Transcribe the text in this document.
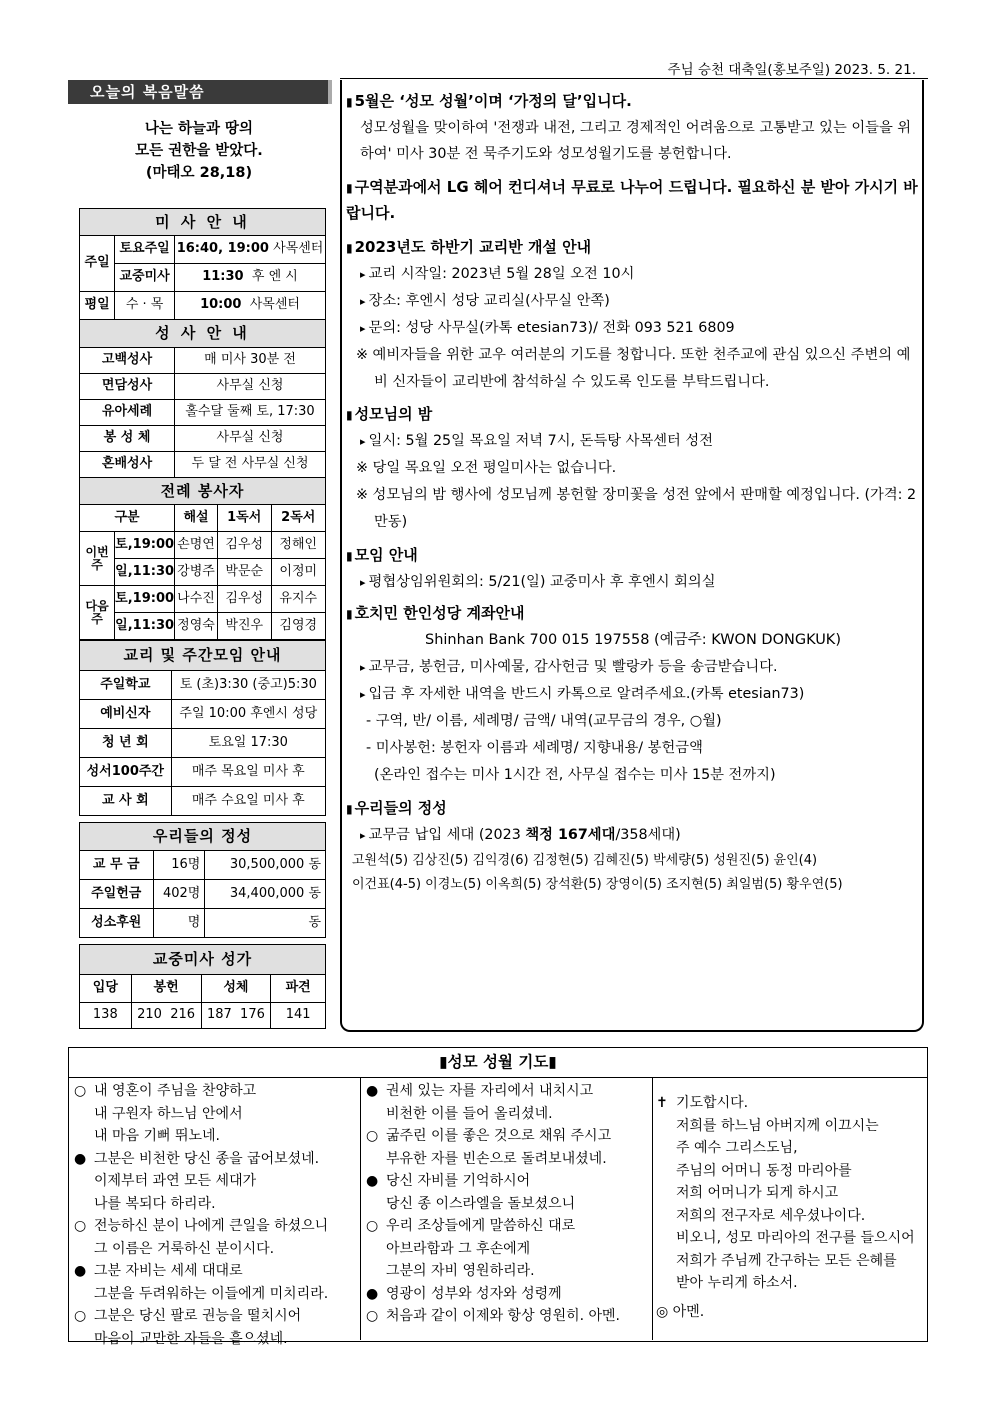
주님 승천 대축일(홍보주일) 2023. 5. 21.
오늘의 복음말씀
나는 하늘과 땅의
모든 권한을 받았다.
(마태오 28,18)
미 사 안 내				
주일	토요주일	16:40, 19:00 사목센터		
	교중미사	11:30 후 엔 시		
평일	수 · 목	10:00 사목센터		
성 사 안 내				
고백성사		매 미사 30분 전		
면담성사		사무실 신청		
유아세례		홀수달 둘째 토, 17:30		
봉 성 체		사무실 신청		
혼배성사		두 달 전 사무실 신청		
전례 봉사자				
구분		해설	1독서	2독서
이번주	토,19:00	손명연	김우성	정해인
	일,11:30	강병주	박문순	이정미
다음주	토,19:00	나수진	김우성	유지수
	일,11:30	정영숙	박진우	김영경
교리 및 주간모임 안내	
주일학교	토 (초)3:30 (중고)5:30
예비신자	주일 10:00 후엔시 성당
청 년 회	토요일 17:30
성서100주간	매주 목요일 미사 후
교 사 회	매주 수요일 미사 후
우리들의 정성		
교 무 금	16명	30,500,000 동
주일헌금	402명	34,400,000 동
성소후원	명	동
교중미사 성가			
입당	봉헌	성체	파견
138	210  216	187  176	141

▮ 5월은 ‘성모 성월’이며 ‘가정의 달’입니다.

성모성월을 맞이하여 '전쟁과 내전, 그리고 경제적인 어려움으로 고통받고 있는 이들을 위하여' 미사 30분 전 묵주기도와 성모성월기도를 봉헌합니다.

▮ 구역분과에서 LG 헤어 컨디셔너 무료로 나누어 드립니다. 필요하신 분 받아 가시기 바랍니다.

▮ 2023년도 하반기 교리반 개설 안내

▸ 교리 시작일: 2023년 5월 28일 오전 10시

▸ 장소: 후엔시 성당 교리실(사무실 안쪽)

▸ 문의: 성당 사무실(카톡 etesian73)/ 전화 093 521 6809

※ 예비자들을 위한 교우 여러분의 기도를 청합니다. 또한 천주교에 관심 있으신 주변의 예비 신자들이 교리반에 참석하실 수 있도록 인도를 부탁드립니다.

▮ 성모님의 밤

▸ 일시: 5월 25일 목요일 저녁 7시, 돈득탕 사목센터 성전

※ 당일 목요일 오전 평일미사는 없습니다.

※ 성모님의 밤 행사에 성모님께 봉헌할 장미꽃을 성전 앞에서 판매할 예정입니다. (가격: 2만동)

▮ 모임 안내

▸ 평협상임위원회의: 5/21(일) 교중미사 후 후엔시 회의실

▮ 호치민 한인성당 계좌안내

Shinhan Bank 700 015 197558 (예금주: KWON DONGKUK)

▸ 교무금, 봉헌금, 미사예물, 감사헌금 및 빨랑카 등을 송금받습니다.

▸ 입금 후 자세한 내역을 반드시 카톡으로 알려주세요.(카톡 etesian73)

- 구역, 반/ 이름, 세례명/ 금액/ 내역(교무금의 경우, ○월)

- 미사봉헌: 봉헌자 이름과 세례명/ 지향내용/ 봉헌금액

(온라인 접수는 미사 1시간 전, 사무실 접수는 미사 15분 전까지)

▮ 우리들의 정성

▸ 교무금 납입 세대 (2023 책정 167세대/358세대)

고원석(5) 김상진(5) 김익경(6) 김정현(5) 김혜진(5) 박세량(5) 성원진(5) 윤인(4)

이건표(4-5) 이경노(5) 이옥희(5) 장석환(5) 장영이(5) 조지현(5) 최일범(5) 황우연(5)

▮성모 성월 기도▮

○ 내 영혼이 주님을 찬양하고
내 구원자 하느님 안에서
내 마음 기뻐 뛰노네.

● 그분은 비천한 당신 종을 굽어보셨네.
이제부터 과연 모든 세대가
나를 복되다 하리라.

○ 전능하신 분이 나에게 큰일을 하셨으니
그 이름은 거룩하신 분이시다.

● 그분 자비는 세세 대대로
그분을 두려워하는 이들에게 미치리라.

○ 그분은 당신 팔로 권능을 떨치시어
마음이 교만한 자들을 흩으셨네.

● 권세 있는 자를 자리에서 내치시고
비천한 이를 들어 올리셨네.

○ 굶주린 이를 좋은 것으로 채워 주시고
부유한 자를 빈손으로 돌려보내셨네.

● 당신 자비를 기억하시어
당신 종 이스라엘을 돌보셨으니

○ 우리 조상들에게 말씀하신 대로
아브라함과 그 후손에게
그분의 자비 영원하리라.

● 영광이 성부와 성자와 성령께

○ 처음과 같이 이제와 항상 영원히. 아멘.

✝ 기도합시다.
저희를 하느님 아버지께 이끄시는
주 예수 그리스도님,
주님의 어머니 동정 마리아를
저희 어머니가 되게 하시고
저희의 전구자로 세우셨나이다.
비오니, 성모 마리아의 전구를 들으시어
저희가 주님께 간구하는 모든 은혜를
받아 누리게 하소서.

◎ 아멘.
